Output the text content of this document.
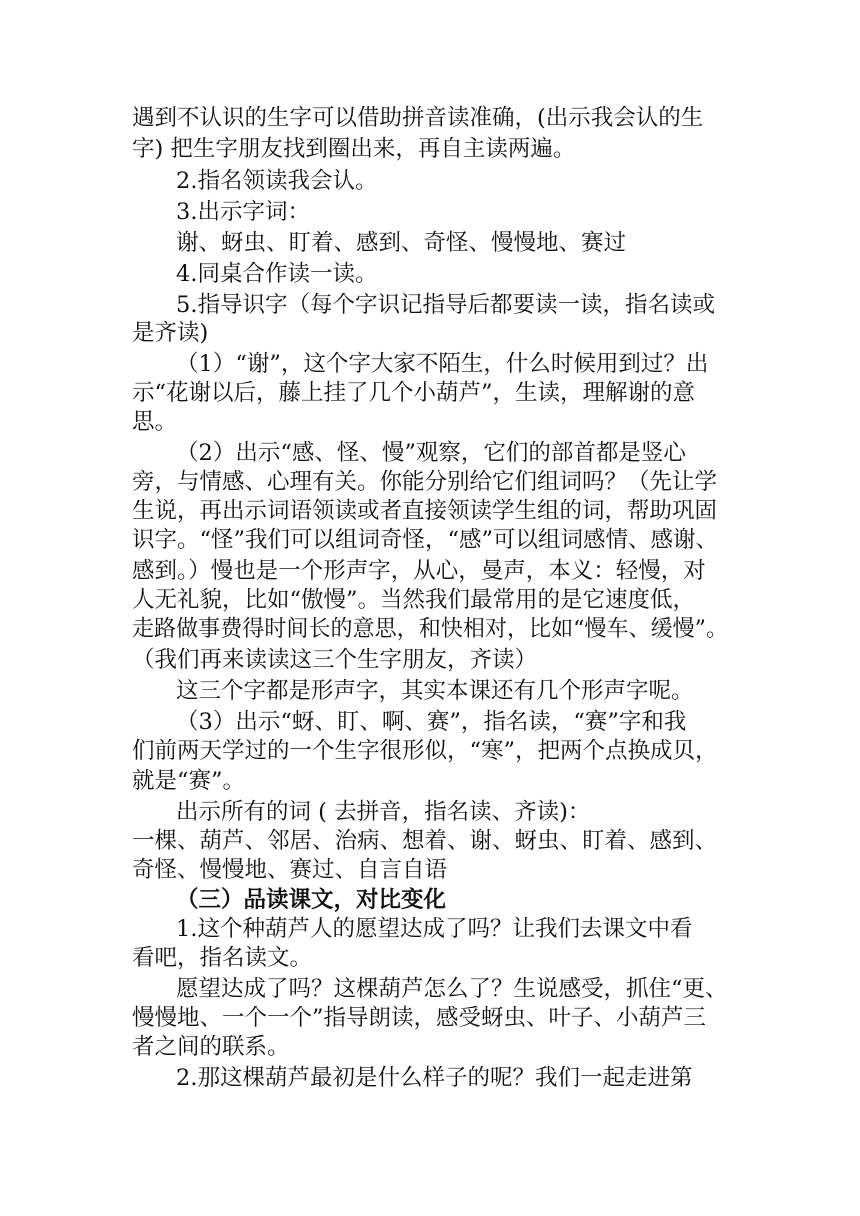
遇到不认识的生字可以借助拼音读准确，(出示我会认的生
字) 把生字朋友找到圈出来，再自主读两遍。
2.指名领读我会认。
3.出示字词：
谢、蚜虫、盯着、感到、奇怪、慢慢地、赛过
4.同桌合作读一读。
5.指导识字（每个字识记指导后都要读一读，指名读或
是齐读)
（1）“谢”，这个字大家不陌生，什么时候用到过？出
示“花谢以后，藤上挂了几个小葫芦”，生读，理解谢的意
思。
（2）出示“感、怪、慢”观察，它们的部首都是竖心
旁，与情感、心理有关。你能分别给它们组词吗？（先让学
生说，再出示词语领读或者直接领读学生组的词，帮助巩固
识字。“怪”我们可以组词奇怪，“感”可以组词感情、感谢、
感到。）慢也是一个形声字，从心，曼声，本义：轻慢，对
人无礼貌，比如“傲慢”。当然我们最常用的是它速度低，
走路做事费得时间长的意思，和快相对，比如“慢车、缓慢”。
（我们再来读读这三个生字朋友，齐读）
这三个字都是形声字，其实本课还有几个形声字呢。
（3）出示“蚜、盯、啊、赛”，指名读，“赛”字和我
们前两天学过的一个生字很形似，“寒”，把两个点换成贝，
就是“赛”。
出示所有的词 ( 去拼音，指名读、齐读)：
一棵、葫芦、邻居、治病、想着、谢、蚜虫、盯着、感到、
奇怪、慢慢地、赛过、自言自语
（三）品读课文，对比变化
1.这个种葫芦人的愿望达成了吗？让我们去课文中看
看吧，指名读文。
愿望达成了吗？这棵葫芦怎么了？生说感受，抓住“更、
慢慢地、一个一个”指导朗读，感受蚜虫、叶子、小葫芦三
者之间的联系。
2.那这棵葫芦最初是什么样子的呢？我们一起走进第
